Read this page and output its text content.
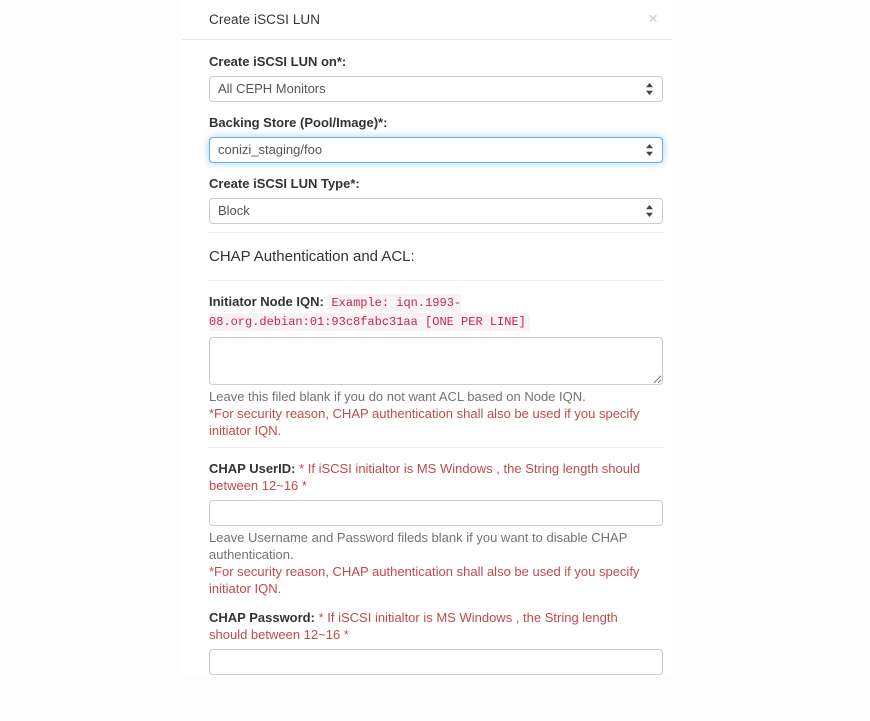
Create iSCSI LUN	×
Create iSCSI LUN on*:
All CEPH Monitors
Backing Store (Pool/Image)*:
conizi_staging/foo
Create iSCSI LUN Type*:
Block
CHAP Authentication and ACL:
Initiator Node IQN: Example: iqn.1993-08.org.debian:01:93c8fabc31aa [ONE PER LINE]
Leave this filed blank if you do not want ACL based on Node IQN.
*For security reason, CHAP authentication shall also be used if you specify initiator IQN.
CHAP UserID: * If iSCSI initialtor is MS Windows , the String length should between 12~16 *
Leave Username and Password fileds blank if you want to disable CHAP authentication.
*For security reason, CHAP authentication shall also be used if you specify initiator IQN.
CHAP Password: * If iSCSI initialtor is MS Windows , the String length should between 12~16 *
